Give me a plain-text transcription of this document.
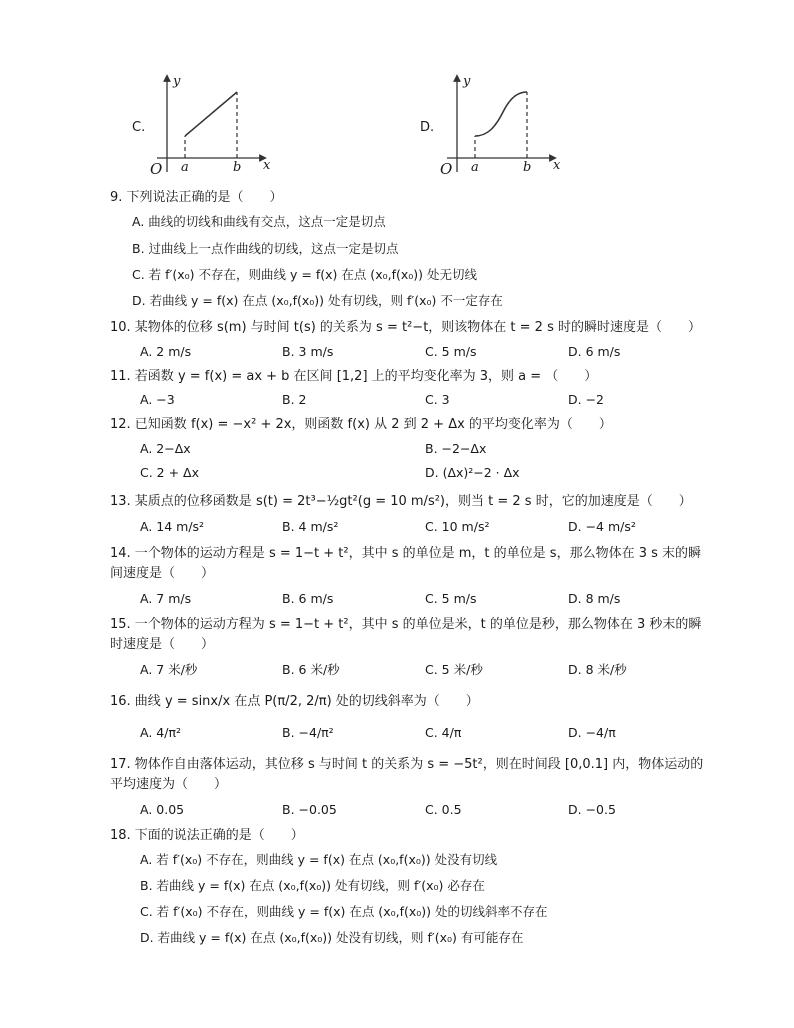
C.
y
x
O a	b
D.
y
x
O a	b
9. 下列说法正确的是（　　）
A. 曲线的切线和曲线有交点，这点一定是切点
B. 过曲线上一点作曲线的切线，这点一定是切点
C. 若 f′(x₀) 不存在，则曲线 y = f(x) 在点 (x₀,f(x₀)) 处无切线
D. 若曲线 y = f(x) 在点 (x₀,f(x₀)) 处有切线，则 f′(x₀) 不一定存在
10. 某物体的位移 s(m) 与时间 t(s) 的关系为 s = t²−t，则该物体在 t = 2 s 时的瞬时速度是（　　）
A. 2 m/s	B. 3 m/s	C. 5 m/s	D. 6 m/s
11. 若函数 y = f(x) = ax + b 在区间 [1,2] 上的平均变化率为 3，则 a = （　　）
A. −3	B. 2	C. 3	D. −2
12. 已知函数 f(x) = −x² + 2x，则函数 f(x) 从 2 到 2 + Δx 的平均变化率为（　　）
A. 2−Δx	B. −2−Δx
C. 2 + Δx	D. (Δx)²−2 · Δx
13. 某质点的位移函数是 s(t) = 2t³−½gt²(g = 10 m/s²)，则当 t = 2 s 时，它的加速度是（　　）
A. 14 m/s²	B. 4 m/s²	C. 10 m/s²	D. −4 m/s²
14. 一个物体的运动方程是 s = 1−t + t²，其中 s 的单位是 m，t 的单位是 s，那么物体在 3 s 末的瞬间速度是（　　）
A. 7 m/s	B. 6 m/s	C. 5 m/s	D. 8 m/s
15. 一个物体的运动方程为 s = 1−t + t²，其中 s 的单位是米，t 的单位是秒，那么物体在 3 秒末的瞬时速度是（　　）
A. 7 米/秒	B. 6 米/秒	C. 5 米/秒	D. 8 米/秒
16. 曲线 y = sinx/x 在点 P(π/2, 2/π) 处的切线斜率为（　　）
A. 4/π²	B. −4/π²	C. 4/π	D. −4/π
17. 物体作自由落体运动，其位移 s 与时间 t 的关系为 s = −5t²，则在时间段 [0,0.1] 内，物体运动的平均速度为（　　）
A. 0.05	B. −0.05	C. 0.5	D. −0.5
18. 下面的说法正确的是（　　）
A. 若 f′(x₀) 不存在，则曲线 y = f(x) 在点 (x₀,f(x₀)) 处没有切线
B. 若曲线 y = f(x) 在点 (x₀,f(x₀)) 处有切线，则 f′(x₀) 必存在
C. 若 f′(x₀) 不存在，则曲线 y = f(x) 在点 (x₀,f(x₀)) 处的切线斜率不存在
D. 若曲线 y = f(x) 在点 (x₀,f(x₀)) 处没有切线，则 f′(x₀) 有可能存在
